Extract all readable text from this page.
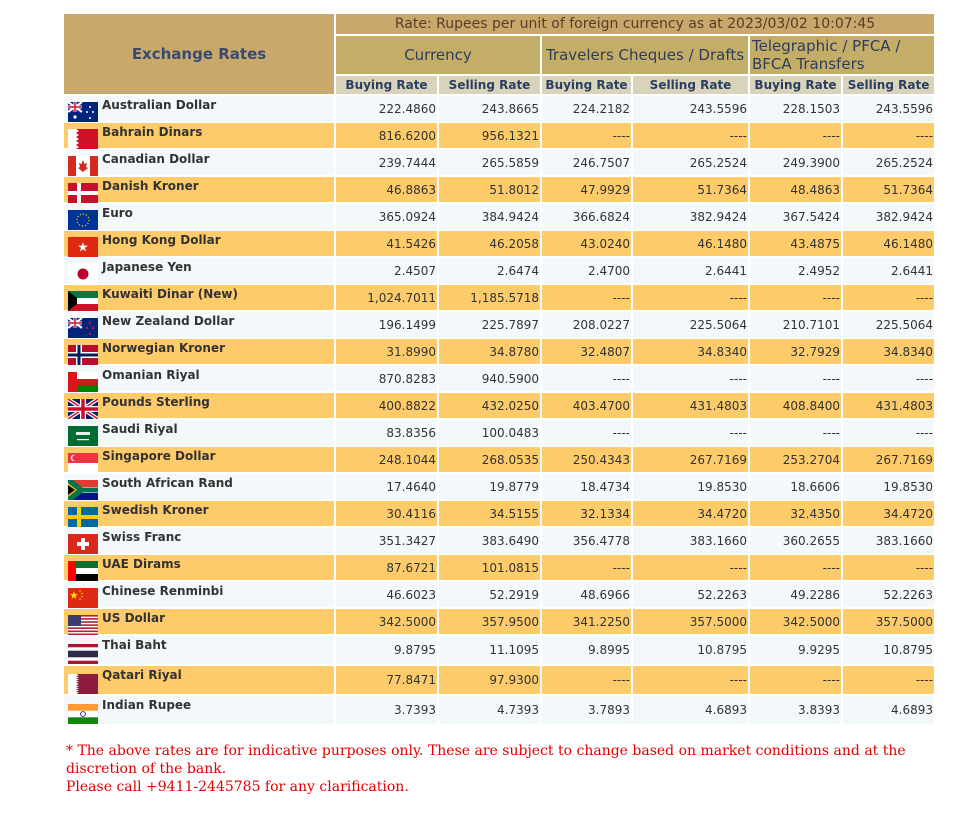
Exchange Rates	Rate: Rupees per unit of foreign currency as at 2023/03/02 10:07:45					
	Currency		Travelers Cheques / Drafts		Telegraphic / PFCA / BFCA Transfers	
	Buying Rate	Selling Rate	Buying Rate	Selling Rate	Buying Rate	Selling Rate

Australian Dollar	222.4860	243.8665	224.2182	243.5596	228.1503	243.5596

Bahrain Dinars	816.6200	956.1321	----	----	----	----

Canadian Dollar	239.7444	265.5859	246.7507	265.2524	249.3900	265.2524

Danish Kroner	46.8863	51.8012	47.9929	51.7364	48.4863	51.7364

Euro	365.0924	384.9424	366.6824	382.9424	367.5424	382.9424

Hong Kong Dollar	41.5426	46.2058	43.0240	46.1480	43.4875	46.1480

Japanese Yen	2.4507	2.6474	2.4700	2.6441	2.4952	2.6441

Kuwaiti Dinar (New)	1,024.7011	1,185.5718	----	----	----	----

New Zealand Dollar	196.1499	225.7897	208.0227	225.5064	210.7101	225.5064

Norwegian Kroner	31.8990	34.8780	32.4807	34.8340	32.7929	34.8340

Omanian Riyal	870.8283	940.5900	----	----	----	----

Pounds Sterling	400.8822	432.0250	403.4700	431.4803	408.8400	431.4803

Saudi Riyal	83.8356	100.0483	----	----	----	----

Singapore Dollar	248.1044	268.0535	250.4343	267.7169	253.2704	267.7169

South African Rand	17.4640	19.8779	18.4734	19.8530	18.6606	19.8530

Swedish Kroner	30.4116	34.5155	32.1334	34.4720	32.4350	34.4720

Swiss Franc	351.3427	383.6490	356.4778	383.1660	360.2655	383.1660

UAE Dirams	87.6721	101.0815	----	----	----	----

Chinese Renminbi	46.6023	52.2919	48.6966	52.2263	49.2286	52.2263

US Dollar	342.5000	357.9500	341.2250	357.5000	342.5000	357.5000

Thai Baht	9.8795	11.1095	9.8995	10.8795	9.9295	10.8795

Qatari Riyal	77.8471	97.9300	----	----	----	----

Indian Rupee	3.7393	4.7393	3.7893	4.6893	3.8393	4.6893
* The above rates are for indicative purposes only. These are subject to change based on market conditions and at the discretion of the bank.
Please call +9411-2445785 for any clarification.
